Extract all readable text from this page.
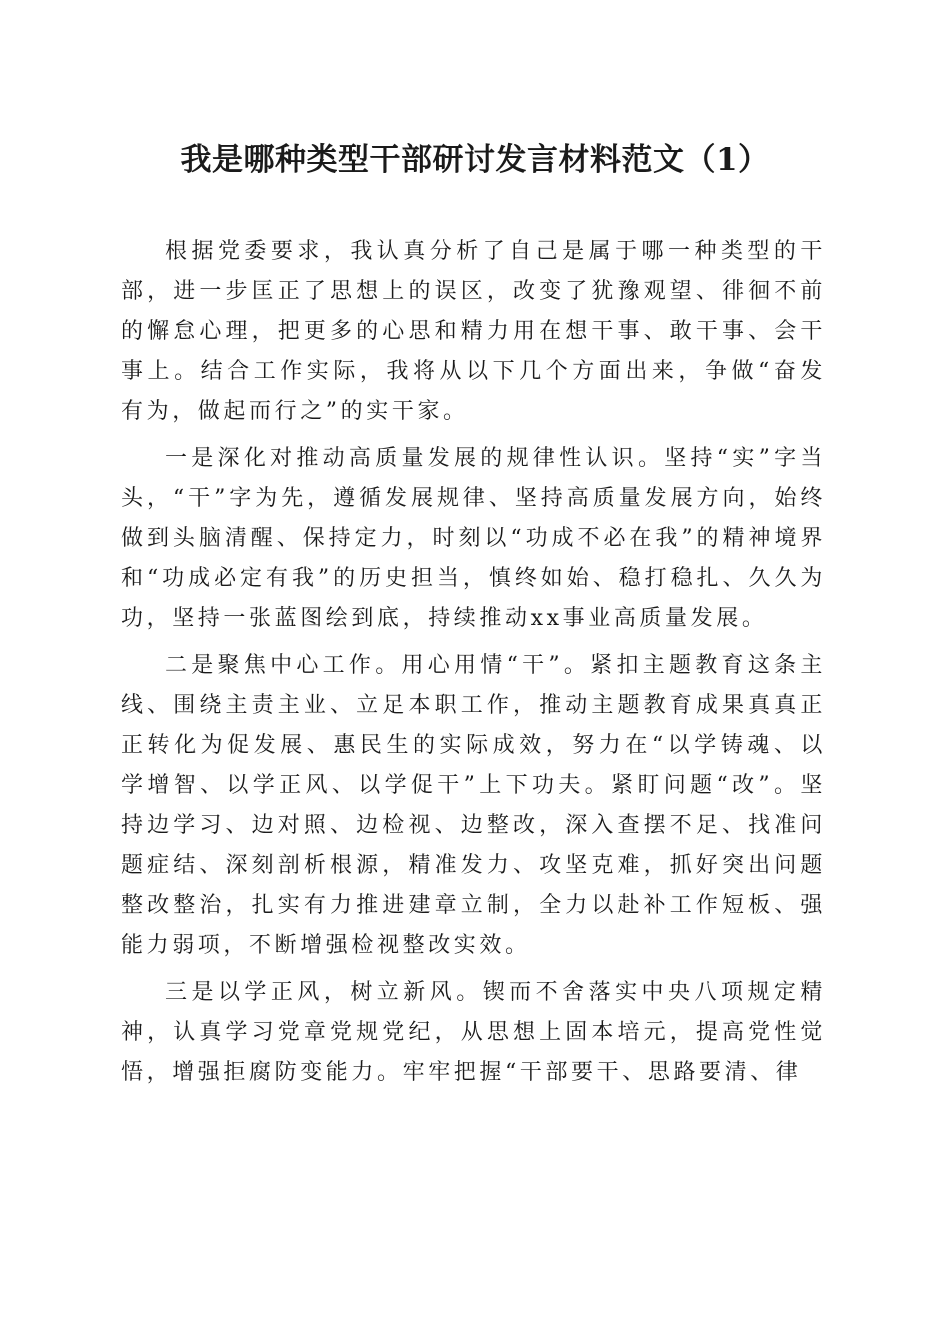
我是哪种类型干部研讨发言材料范文（1）

根据党委要求，我认真分析了自己是属于哪一种类型的干部，进一步匡正了思想上的误区，改变了犹豫观望、徘徊不前的懈怠心理，把更多的心思和精力用在想干事、敢干事、会干事上。结合工作实际，我将从以下几个方面出来，争做“奋发有为，做起而行之”的实干家。

一是深化对推动高质量发展的规律性认识。坚持“实”字当头，“干”字为先，遵循发展规律、坚持高质量发展方向，始终做到头脑清醒、保持定力，时刻以“功成不必在我”的精神境界和“功成必定有我”的历史担当，慎终如始、稳打稳扎、久久为功，坚持一张蓝图绘到底，持续推动xx事业高质量发展。

二是聚焦中心工作。用心用情“干”。紧扣主题教育这条主线、围绕主责主业、立足本职工作，推动主题教育成果真真正正转化为促发展、惠民生的实际成效，努力在“以学铸魂、以学增智、以学正风、以学促干”上下功夫。紧盯问题“改”。坚持边学习、边对照、边检视、边整改，深入查摆不足、找准问题症结、深刻剖析根源，精准发力、攻坚克难，抓好突出问题整改整治，扎实有力推进建章立制，全力以赴补工作短板、强能力弱项，不断增强检视整改实效。

三是以学正风，树立新风。锲而不舍落实中央八项规定精神，认真学习党章党规党纪，从思想上固本培元，提高党性觉悟，增强拒腐防变能力。牢牢把握“干部要干、思路要清、律
